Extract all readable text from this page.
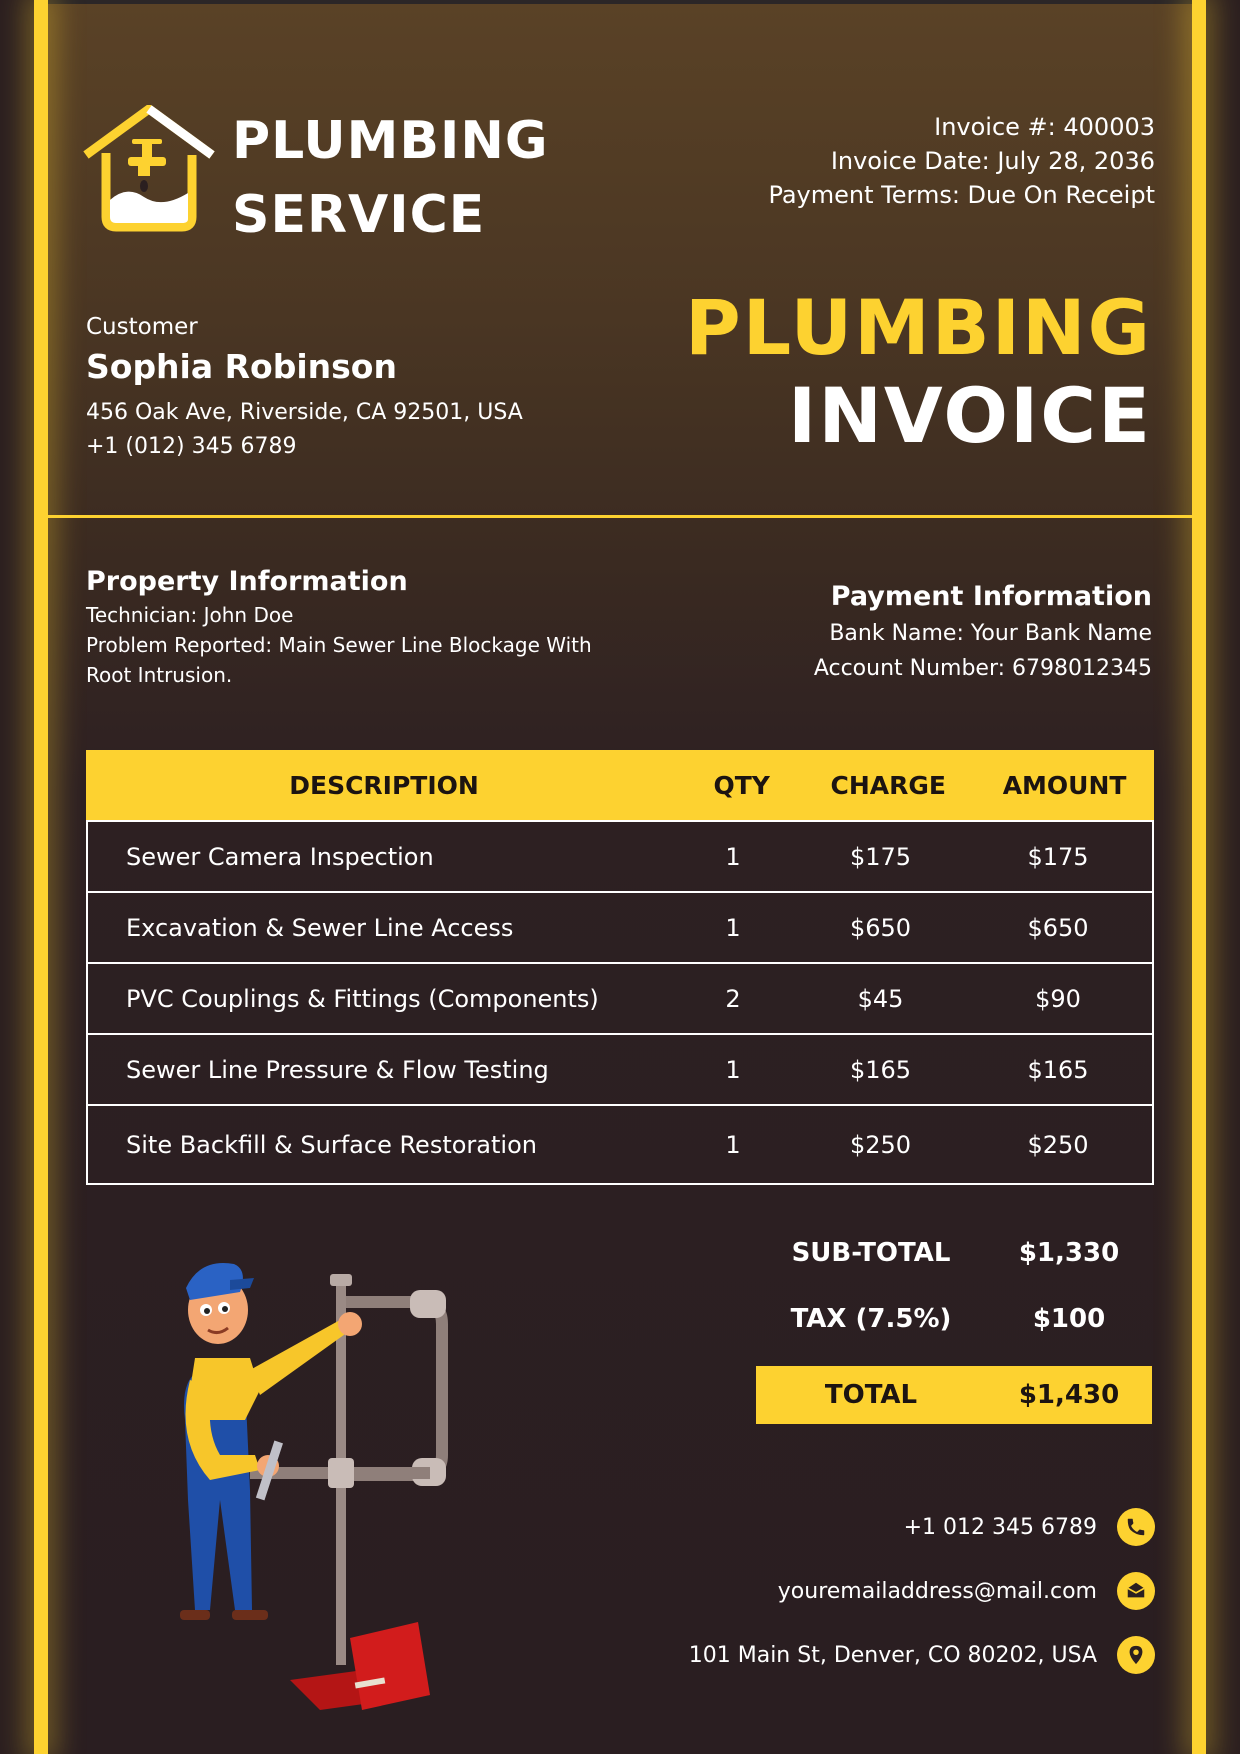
PLUMBING
SERVICE
Invoice #: 400003
Invoice Date: July 28, 2036
Payment Terms: Due On Receipt
Customer
Sophia Robinson
456 Oak Ave, Riverside, CA 92501, USA
+1 (012) 345 6789
PLUMBING
INVOICE
Property Information
Technician: John Doe
Problem Reported: Main Sewer Line Blockage With Root Intrusion.
Payment Information
Bank Name: Your Bank Name
Account Number: 6798012345
DESCRIPTION	QTY	CHARGE	AMOUNT
Sewer Camera Inspection	1	$175	$175
Excavation & Sewer Line Access	1	$650	$650
PVC Couplings & Fittings (Components)	2	$45	$90
Sewer Line Pressure & Flow Testing	1	$165	$165
Site Backfill & Surface Restoration	1	$250	$250
SUB-TOTAL	$1,330
TAX (7.5%)	$100
TOTAL	$1,430
+1 012 345 6789
youremailaddress@mail.com
101 Main St, Denver, CO 80202, USA
